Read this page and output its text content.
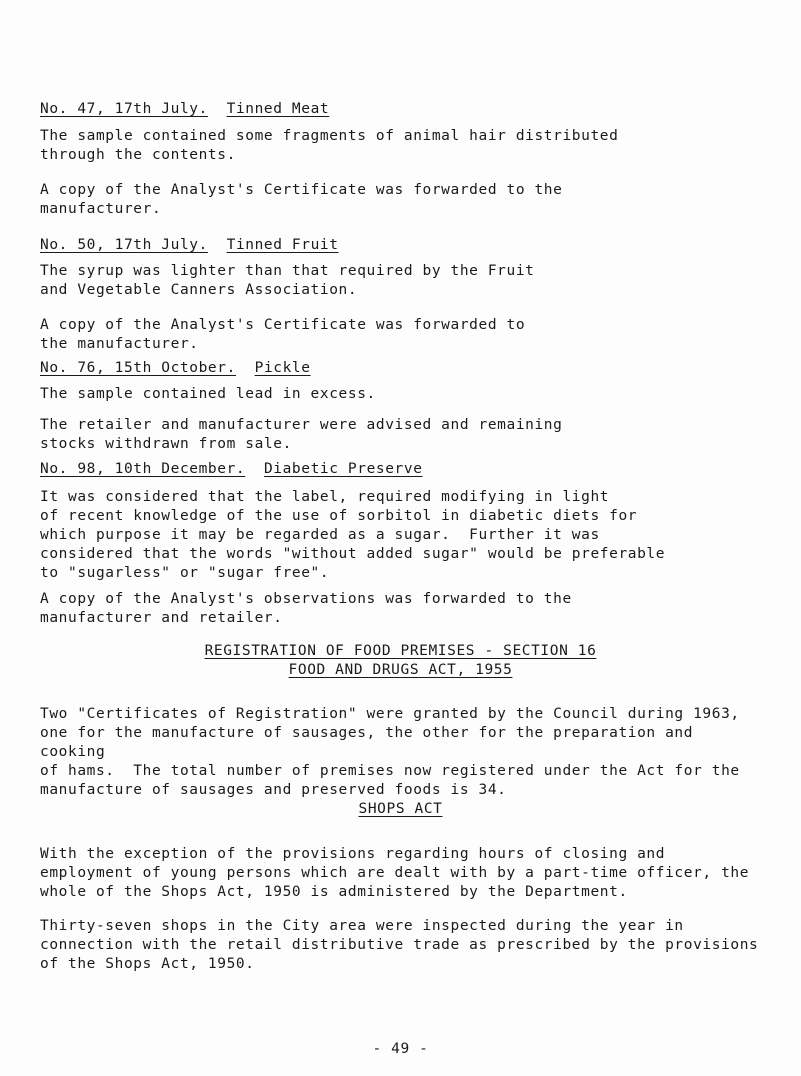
No. 47, 17th July. Tinned Meat

The sample contained some fragments of animal hair distributed
through the contents.

A copy of the Analyst's Certificate was forwarded to the
manufacturer.

No. 50, 17th July. Tinned Fruit

The syrup was lighter than that required by the Fruit
and Vegetable Canners Association.

A copy of the Analyst's Certificate was forwarded to
the manufacturer.

No. 76, 15th October. Pickle

The sample contained lead in excess.

The retailer and manufacturer were advised and remaining
stocks withdrawn from sale.

No. 98, 10th December. Diabetic Preserve

It was considered that the label, required modifying in light
of recent knowledge of the use of sorbitol in diabetic diets for
which purpose it may be regarded as a sugar.  Further it was
considered that the words "without added sugar" would be preferable
to "sugarless" or "sugar free".

A copy of the Analyst's observations was forwarded to the
manufacturer and retailer.

REGISTRATION OF FOOD PREMISES - SECTION 16

FOOD AND DRUGS ACT, 1955

Two "Certificates of Registration" were granted by the Council during 1963,
one for the manufacture of sausages, the other for the preparation and cooking
of hams.  The total number of premises now registered under the Act for the
manufacture of sausages and preserved foods is 34.

SHOPS ACT

With the exception of the provisions regarding hours of closing and
employment of young persons which are dealt with by a part-time officer, the
whole of the Shops Act, 1950 is administered by the Department.

Thirty-seven shops in the City area were inspected during the year in
connection with the retail distributive trade as prescribed by the provisions
of the Shops Act, 1950.

- 49 -
